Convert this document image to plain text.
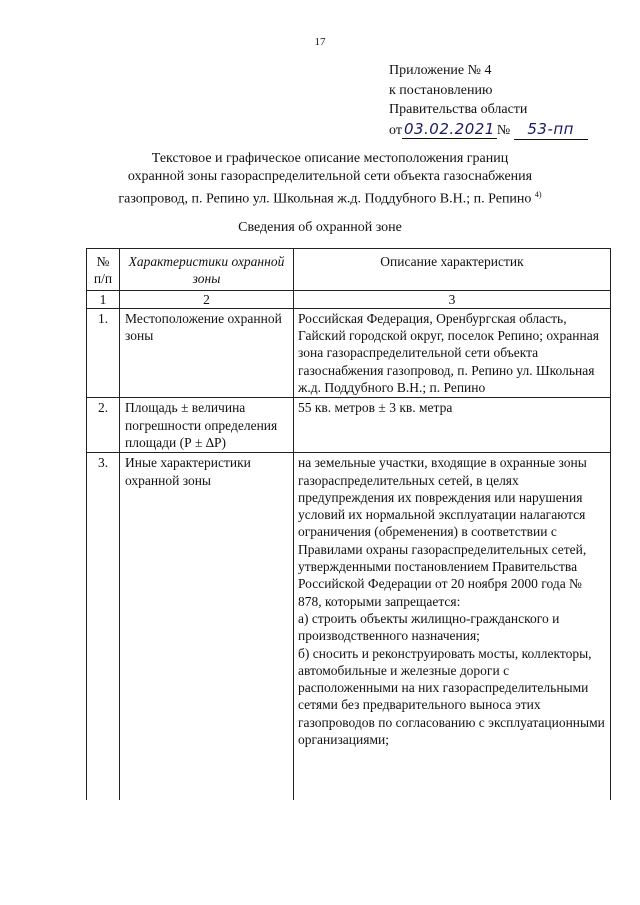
17
Приложение № 4
к постановлению
Правительства области
от 03.02.2021 № 53-пп
Текстовое и графическое описание местоположения границ
охранной зоны газораспределительной сети объекта газоснабжения
газопровод, п. Репино ул. Школьная ж.д. Поддубного В.Н.; п. Репино $^{4)}$
Сведения об охранной зоне
№ п/п	Характеристики охранной зоны	Описание характеристик
1	2	3
1.	Местоположение охранной зоны	Российская Федерация, Оренбургская область, Гайский городской округ, поселок Репино; охранная зона газораспределительной сети объекта газоснабжения газопровод, п. Репино ул. Школьная ж.д. Поддубного В.Н.; п. Репино
2.	Площадь ± величина погрешности определения площади (Р ± ∆Р)	55 кв. метров ± 3 кв. метра
3.	Иные характеристики охранной зоны	на земельные участки, входящие в охранные зоны газораспределительных сетей, в целях предупреждения их повреждения или нарушения условий их нормальной эксплуатации налагаются ограничения (обременения) в соответствии с Правилами охраны газораспределительных сетей, утвержденными постановлением Правительства Российской Федерации от 20 ноября 2000 года № 878, которыми запрещается:
а) строить объекты жилищно-гражданского и производственного назначения;
б) сносить и реконструировать мосты, коллекторы, автомобильные и железные дороги с расположенными на них газораспределительными сетями без предварительного выноса этих газопроводов по согласованию с эксплуатационными организациями;
